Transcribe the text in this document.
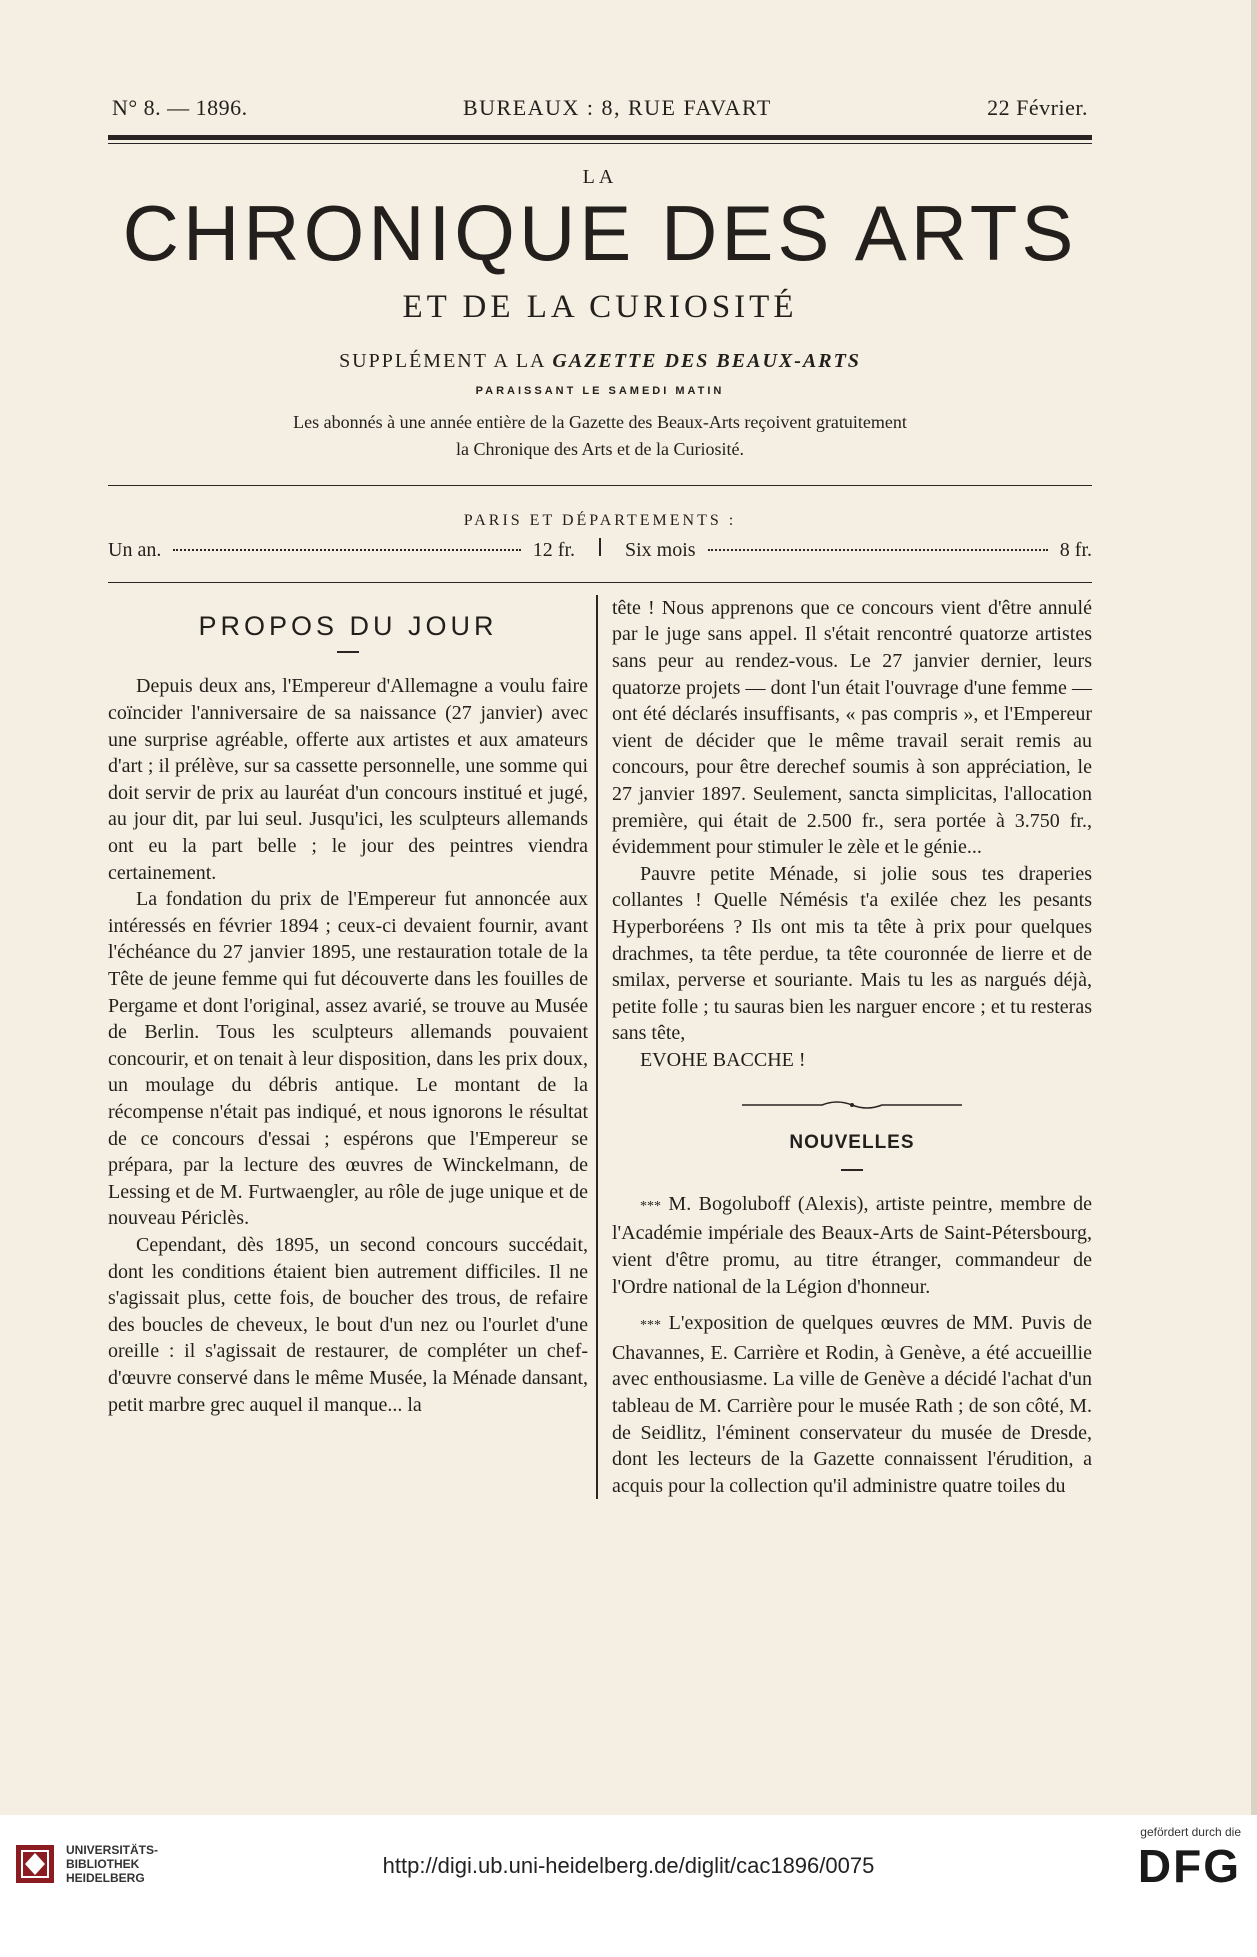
N° 8. — 1896.	BUREAUX : 8, RUE FAVART	22 Février.
LA
CHRONIQUE DES ARTS
ET DE LA CURIOSITÉ
SUPPLÉMENT A LA GAZETTE DES BEAUX-ARTS
PARAISSANT LE SAMEDI MATIN
Les abonnés à une année entière de la Gazette des Beaux-Arts reçoivent gratuitement
la Chronique des Arts et de la Curiosité.
PARIS ET DÉPARTEMENTS :
Un an.	12 fr.	Six mois	8 fr.
PROPOS DU JOUR

Depuis deux ans, l'Empereur d'Allemagne a voulu faire coïncider l'anniversaire de sa naissance (27 janvier) avec une surprise agréable, offerte aux artistes et aux amateurs d'art ; il prélève, sur sa cassette personnelle, une somme qui doit servir de prix au lauréat d'un concours institué et jugé, au jour dit, par lui seul. Jusqu'ici, les sculpteurs allemands ont eu la part belle ; le jour des peintres viendra certainement.

La fondation du prix de l'Empereur fut annoncée aux intéressés en février 1894 ; ceux-ci devaient fournir, avant l'échéance du 27 janvier 1895, une restauration totale de la Tête de jeune femme qui fut découverte dans les fouilles de Pergame et dont l'original, assez avarié, se trouve au Musée de Berlin. Tous les sculpteurs allemands pouvaient concourir, et on tenait à leur disposition, dans les prix doux, un moulage du débris antique. Le montant de la récompense n'était pas indiqué, et nous ignorons le résultat de ce concours d'essai ; espérons que l'Empereur se prépara, par la lecture des œuvres de Winckelmann, de Lessing et de M. Furtwaengler, au rôle de juge unique et de nouveau Périclès.

Cependant, dès 1895, un second concours succédait, dont les conditions étaient bien autrement difficiles. Il ne s'agissait plus, cette fois, de boucher des trous, de refaire des boucles de cheveux, le bout d'un nez ou l'ourlet d'une oreille : il s'agissait de restaurer, de compléter un chef-d'œuvre conservé dans le même Musée, la Ménade dansant, petit marbre grec auquel il manque... la

tête ! Nous apprenons que ce concours vient d'être annulé par le juge sans appel. Il s'était rencontré quatorze artistes sans peur au rendez-vous. Le 27 janvier dernier, leurs quatorze projets — dont l'un était l'ouvrage d'une femme — ont été déclarés insuffisants, « pas compris », et l'Empereur vient de décider que le même travail serait remis au concours, pour être derechef soumis à son appréciation, le 27 janvier 1897. Seulement, sancta simplicitas, l'allocation première, qui était de 2.500 fr., sera portée à 3.750 fr., évidemment pour stimuler le zèle et le génie...

Pauvre petite Ménade, si jolie sous tes draperies collantes ! Quelle Némésis t'a exilée chez les pesants Hyperboréens ? Ils ont mis ta tête à prix pour quelques drachmes, ta tête perdue, ta tête couronnée de lierre et de smilax, perverse et souriante. Mais tu les as nargués déjà, petite folle ; tu sauras bien les narguer encore ; et tu resteras sans tête,

EVOHE BACCHE !

NOUVELLES

*** M. Bogoluboff (Alexis), artiste peintre, membre de l'Académie impériale des Beaux-Arts de Saint-Pétersbourg, vient d'être promu, au titre étranger, commandeur de l'Ordre national de la Légion d'honneur.

*** L'exposition de quelques œuvres de MM. Puvis de Chavannes, E. Carrière et Rodin, à Genève, a été accueillie avec enthousiasme. La ville de Genève a décidé l'achat d'un tableau de M. Carrière pour le musée Rath ; de son côté, M. de Seidlitz, l'éminent conservateur du musée de Dresde, dont les lecteurs de la Gazette connaissent l'érudition, a acquis pour la collection qu'il administre quatre toiles du

UNIVERSITÄTS-
BIBLIOTHEK
HEIDELBERG	http://digi.ub.uni-heidelberg.de/diglit/cac1896/0075
gefördert durch die
DFG
